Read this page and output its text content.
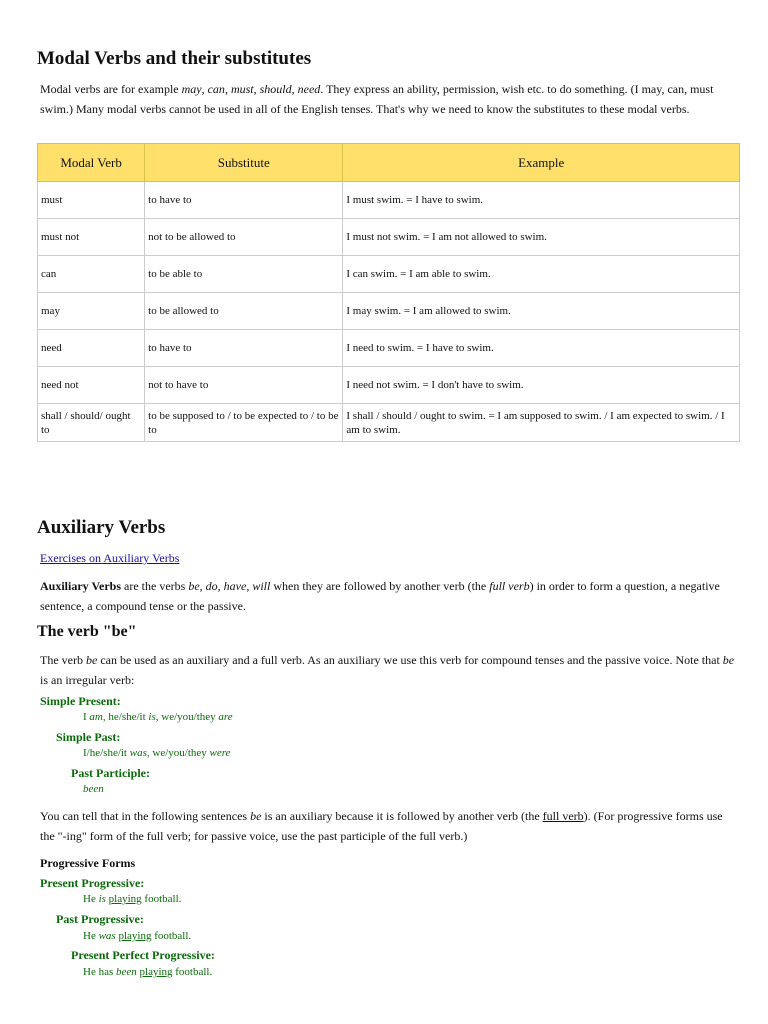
Modal Verbs and their substitutes

Modal verbs are for example may, can, must, should, need. They express an ability, permission, wish etc. to do something. (I may, can, must swim.) Many modal verbs cannot be used in all of the English tenses. That's why we need to know the substitutes to these modal verbs.

Modal Verb	Substitute	Example
must	to have to	I must swim. = I have to swim.
must not	not to be allowed to	I must not swim. = I am not allowed to swim.
can	to be able to	I can swim. = I am able to swim.
may	to be allowed to	I may swim. = I am allowed to swim.
need	to have to	I need to swim. = I have to swim.
need not	not to have to	I need not swim. = I don't have to swim.
shall / should/ ought to	to be supposed to / to be expected to / to be to	I shall / should / ought to swim. = I am supposed to swim. / I am expected to swim. / I am to swim.
Auxiliary Verbs
Exercises on Auxiliary Verbs

Auxiliary Verbs are the verbs be, do, have, will when they are followed by another verb (the full verb) in order to form a question, a negative sentence, a compound tense or the passive.

The verb "be"

The verb be can be used as an auxiliary and a full verb. As an auxiliary we use this verb for compound tenses and the passive voice. Note that be is an irregular verb:

Simple Present:
I am, he/she/it is, we/you/they are
Simple Past:
I/he/she/it was, we/you/they were
Past Participle:
been

You can tell that in the following sentences be is an auxiliary because it is followed by another verb (the full verb). (For progressive forms use the "-ing" form of the full verb; for passive voice, use the past participle of the full verb.)

Progressive Forms
Present Progressive:
He is playing football.
Past Progressive:
He was playing football.
Present Perfect Progressive:
He has been playing football.
